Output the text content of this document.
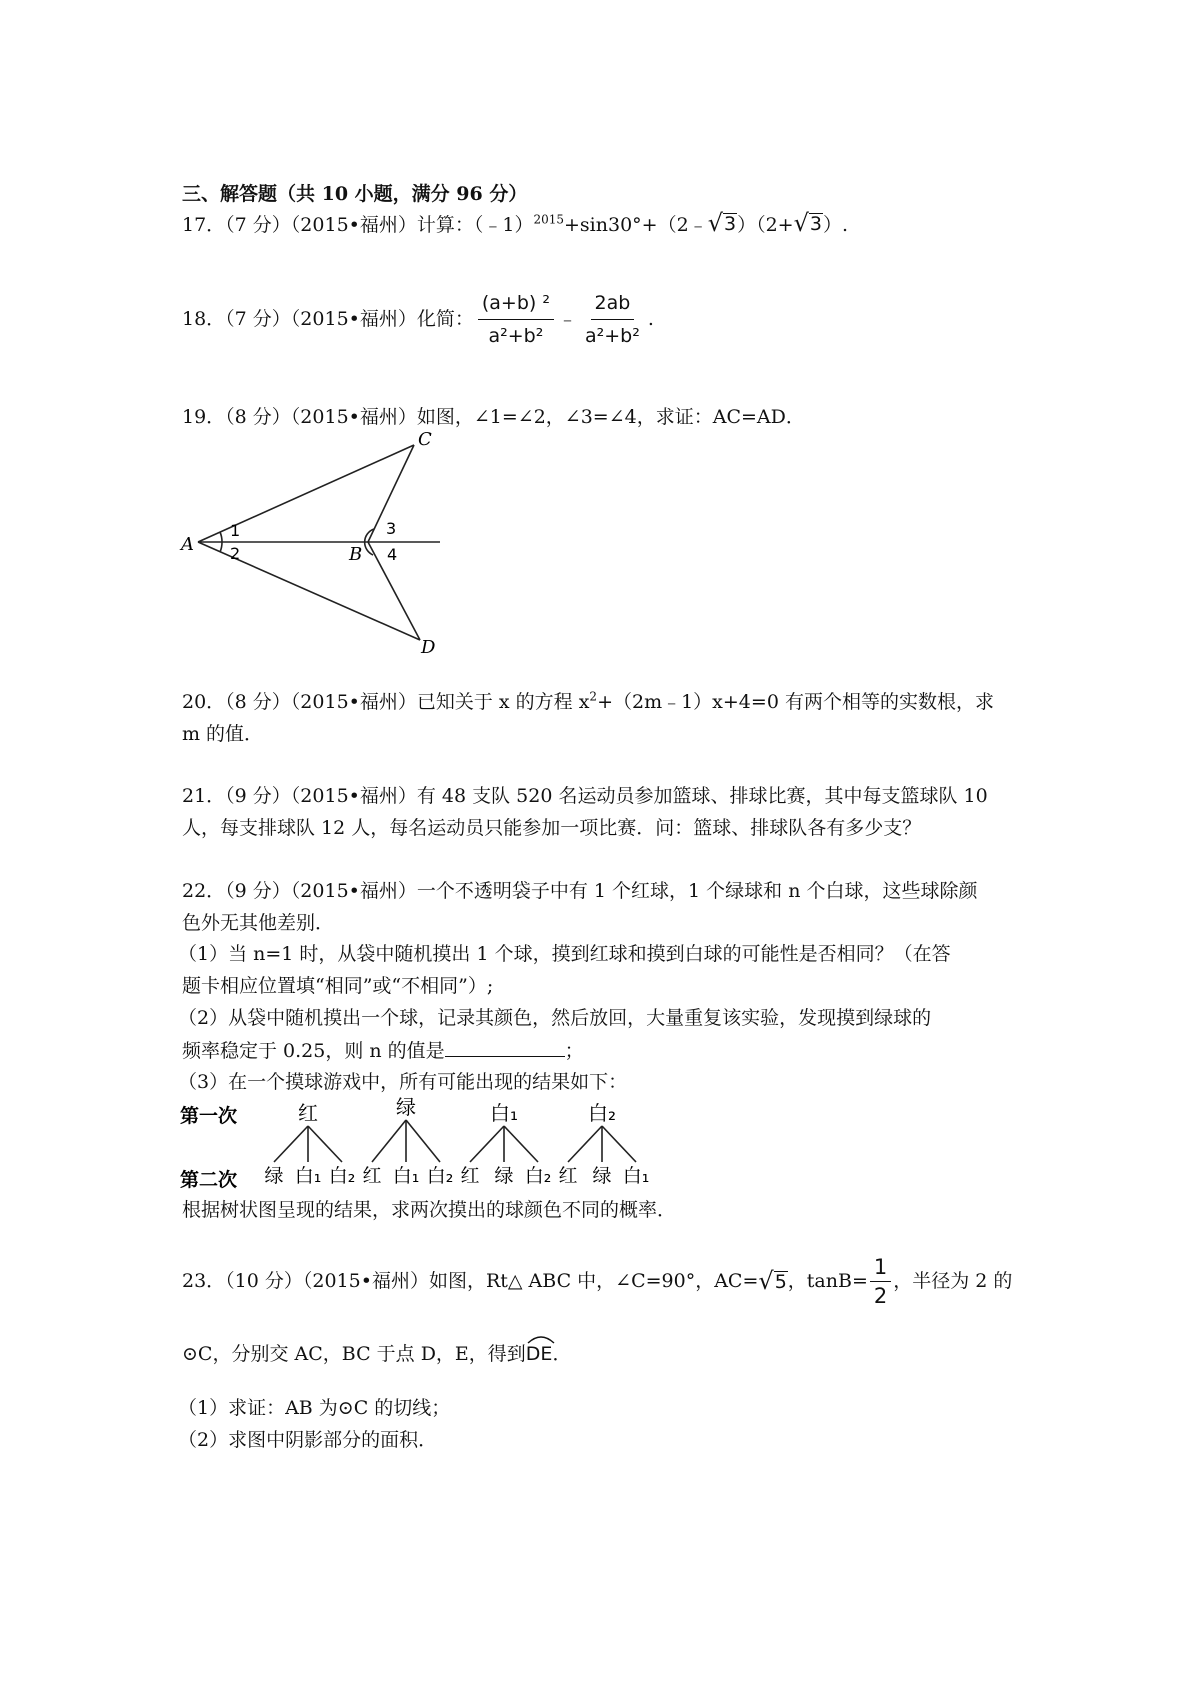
三、解答题（共 10 小题，满分 96 分）
17．（7 分）（2015•福州）计算：（﹣1）$^{2015}$+sin30°+（2﹣ √ 3 ）（2+ √ 3 ）.
18．（7 分）（2015•福州）化简： $\frac{\text{(a+b) ²}}{\text{a²+b²}}$ ﹣ $\frac{2ab}{\text{a²+b²}}$ .
19．（8 分）（2015•福州）如图，∠1=∠2，∠3=∠4，求证：AC=AD．
A
1
2	B
3
4
C
D
20．（8 分）（2015•福州）已知关于 x 的方程 $x^2+(2m﹣1)x+4=0$ 有两个相等的实数根，求
m 的值．
21．（9 分）（2015•福州）有 48 支队 520 名运动员参加篮球、排球比赛，其中每支篮球队 10
人，每支排球队 12 人，每名运动员只能参加一项比赛．问：篮球、排球队各有多少支？
22．（9 分）（2015•福州）一个不透明袋子中有 1 个红球，1 个绿球和 n 个白球，这些球除颜
色外无其他差别．
（1）当 n=1 时，从袋中随机摸出 1 个球，摸到红球和摸到白球的可能性是否相同？（在答
题卡相应位置填“相同”或“不相同”）;
（2）从袋中随机摸出一个球，记录其颜色，然后放回，大量重复该实验，发现摸到绿球的
频率稳定于 0.25，则 n 的值是	；
（3）在一个摸球游戏中，所有可能出现的结果如下：
第一次
第二次
红
绿 白₁ 白₂
绿
红 白₁ 白₂
白₁
红 绿 白₂
白₂
红 绿 白₁
根据树状图呈现的结果，求两次摸出的球颜色不同的概率．
23．（10 分）（2015•福州）如图，Rt△ ABC 中，∠C=90°，AC= √ 5 ，$\tan B= \frac{1}{2}$ ，半径为 2 的
⊙C，分别交 AC，BC 于点 D，E，得到
DE．
（1）求证：AB 为⊙C 的切线；
（2）求图中阴影部分的面积．
